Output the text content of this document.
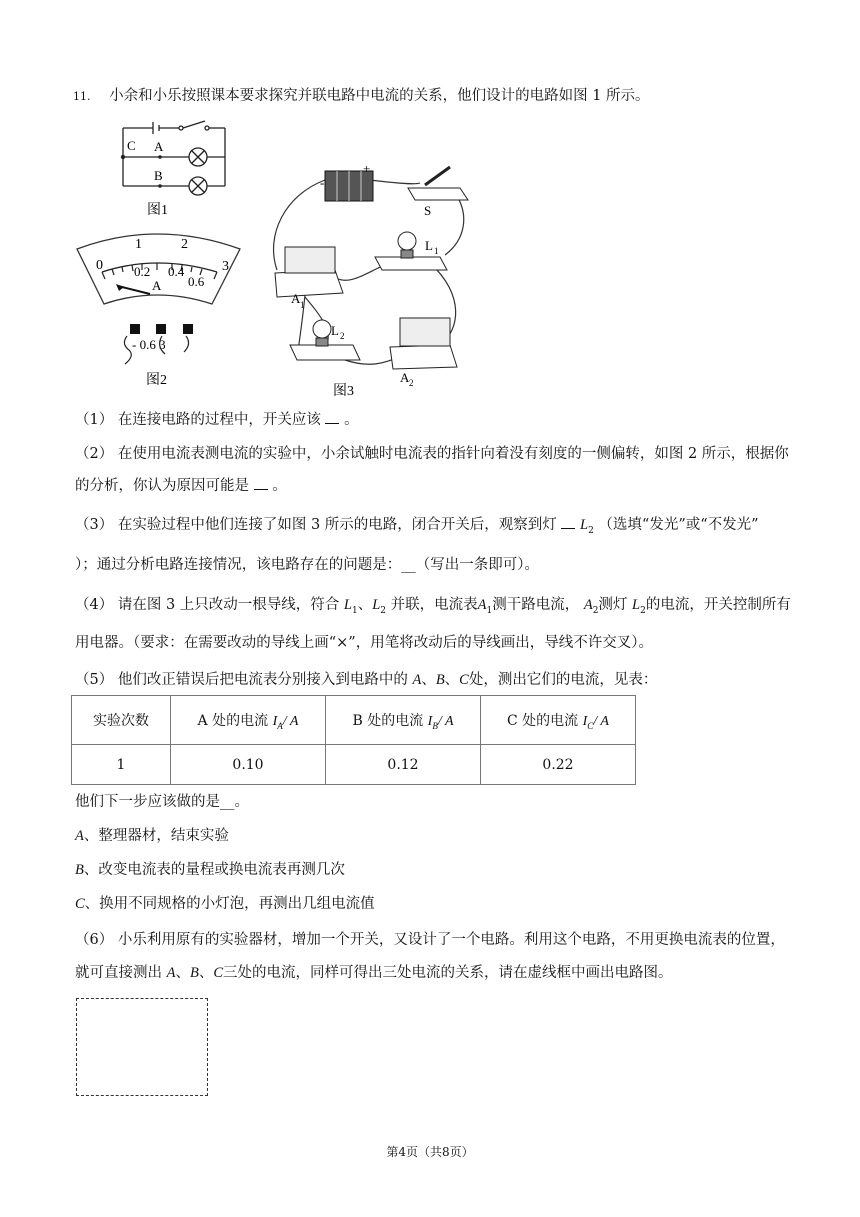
11. 小余和小乐按照课本要求探究并联电路中电流的关系，他们设计的电路如图 1 所示。
C A
B
图1
0
1	2
3
0.2 0.4
0.6
A
- 0.6 3
图2
-
+
S
A 1
L 1
L 2
A 2
图3
（1） 在连接电路的过程中，开关应该 。
（2） 在使用电流表测电流的实验中，小余试触时电流表的指针向着没有刻度的一侧偏转，如图 2 所示，根据你
的分析，你认为原因可能是 。
（3） 在实验过程中他们连接了如图 3 所示的电路，闭合开关后，观察到灯 $L_2$ （选填“发光”或“不发光”
）；通过分析电路连接情况，该电路存在的问题是：__（写出一条即可）。
（4） 请在图 3 上只改动一根导线，符合 $L_1$、$L_2$ 并联，电流表$A_1$测干路电流， $A_2$测灯 $L_2$的电流，开关控制所有
用电器。（要求：在需要改动的导线上画“×”，用笔将改动后的导线画出，导线不许交叉）。
（5） 他们改正错误后把电流表分别接入到电路中的 A、B、C处，测出它们的电流，见表：
实验次数	A 处的电流 $I_A/$ A	B 处的电流 $I_B/$ A	C 处的电流 $I_C/$ A
1	0.10	0.12	0.22
他们下一步应该做的是__。
A、整理器材，结束实验
B、改变电流表的量程或换电流表再测几次
C、换用不同规格的小灯泡，再测出几组电流值
（6） 小乐利用原有的实验器材，增加一个开关，又设计了一个电路。利用这个电路，不用更换电流表的位置，
就可直接测出 A、B、C三处的电流，同样可得出三处电流的关系，请在虚线框中画出电路图。
第4页（共8页）
